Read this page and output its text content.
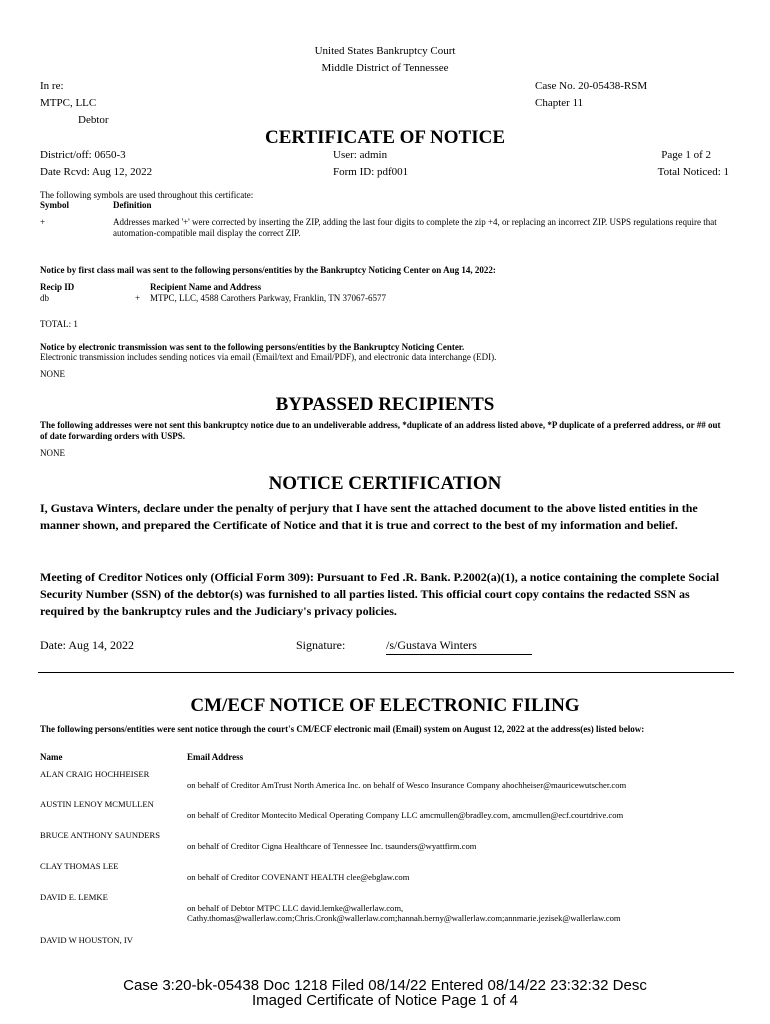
United States Bankruptcy Court
Middle District of Tennessee
In re:
MTPC, LLC
Debtor
Case No. 20-05438-RSM
Chapter 11
CERTIFICATE OF NOTICE
District/off: 0650-3
Date Rcvd: Aug 12, 2022
User: admin
Form ID: pdf001
Page 1 of 2
Total Noticed: 1
The following symbols are used throughout this certificate:
Symbol	Definition
+	Addresses marked '+' were corrected by inserting the ZIP, adding the last four digits to complete the zip +4, or replacing an incorrect ZIP. USPS regulations require that automation-compatible mail display the correct ZIP.
Notice by first class mail was sent to the following persons/entities by the Bankruptcy Noticing Center on Aug 14, 2022:
Recip ID	Recipient Name and Address
db	+ MTPC, LLC, 4588 Carothers Parkway, Franklin, TN 37067-6577
TOTAL: 1
Notice by electronic transmission was sent to the following persons/entities by the Bankruptcy Noticing Center.
Electronic transmission includes sending notices via email (Email/text and Email/PDF), and electronic data interchange (EDI).
NONE
BYPASSED RECIPIENTS
The following addresses were not sent this bankruptcy notice due to an undeliverable address, *duplicate of an address listed above, *P duplicate of a preferred address, or ## out of date forwarding orders with USPS.
NONE
NOTICE CERTIFICATION
I, Gustava Winters, declare under the penalty of perjury that I have sent the attached document to the above listed entities in the manner shown, and prepared the Certificate of Notice and that it is true and correct to the best of my information and belief.
Meeting of Creditor Notices only (Official Form 309): Pursuant to Fed .R. Bank. P.2002(a)(1), a notice containing the complete Social Security Number (SSN) of the debtor(s) was furnished to all parties listed. This official court copy contains the redacted SSN as required by the bankruptcy rules and the Judiciary's privacy policies.
Date: Aug 14, 2022	Signature:	/s/Gustava Winters
CM/ECF NOTICE OF ELECTRONIC FILING
The following persons/entities were sent notice through the court's CM/ECF electronic mail (Email) system on August 12, 2022 at the address(es) listed below:
Name	Email Address
ALAN CRAIG HOCHHEISER
on behalf of Creditor AmTrust North America Inc. on behalf of Wesco Insurance Company ahochheiser@mauricewutscher.com
AUSTIN LENOY MCMULLEN
on behalf of Creditor Montecito Medical Operating Company LLC amcmullen@bradley.com, amcmullen@ecf.courtdrive.com
BRUCE ANTHONY SAUNDERS
on behalf of Creditor Cigna Healthcare of Tennessee Inc. tsaunders@wyattfirm.com
CLAY THOMAS LEE
on behalf of Creditor COVENANT HEALTH clee@ebglaw.com
DAVID E. LEMKE
on behalf of Debtor MTPC LLC david.lemke@wallerlaw.com,
Cathy.thomas@wallerlaw.com;Chris.Cronk@wallerlaw.com;hannah.berny@wallerlaw.com;annmarie.jezisek@wallerlaw.com
DAVID W HOUSTON, IV
Case 3:20-bk-05438 Doc 1218 Filed 08/14/22 Entered 08/14/22 23:32:32 Desc
Imaged Certificate of Notice Page 1 of 4
